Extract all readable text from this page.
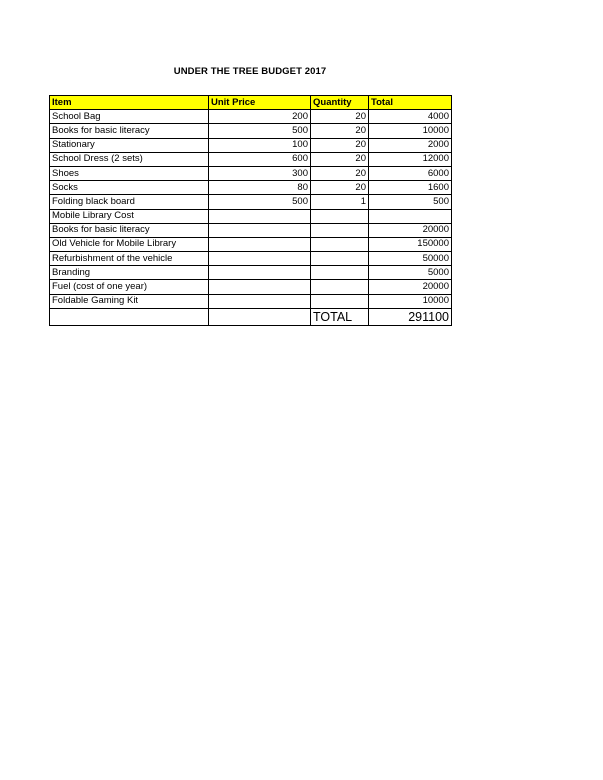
UNDER THE TREE BUDGET 2017
Item	Unit Price	Quantity	Total
School Bag	200	20	4000
Books for basic literacy	500	20	10000
Stationary	100	20	2000
School Dress (2 sets)	600	20	12000
Shoes	300	20	6000
Socks	80	20	1600
Folding black board	500	1	500
Mobile Library Cost			
Books for basic literacy			20000
Old Vehicle for Mobile Library			150000
Refurbishment of the vehicle			50000
Branding			5000
Fuel (cost of one year)			20000
Foldable Gaming Kit			10000
		TOTAL	291100
